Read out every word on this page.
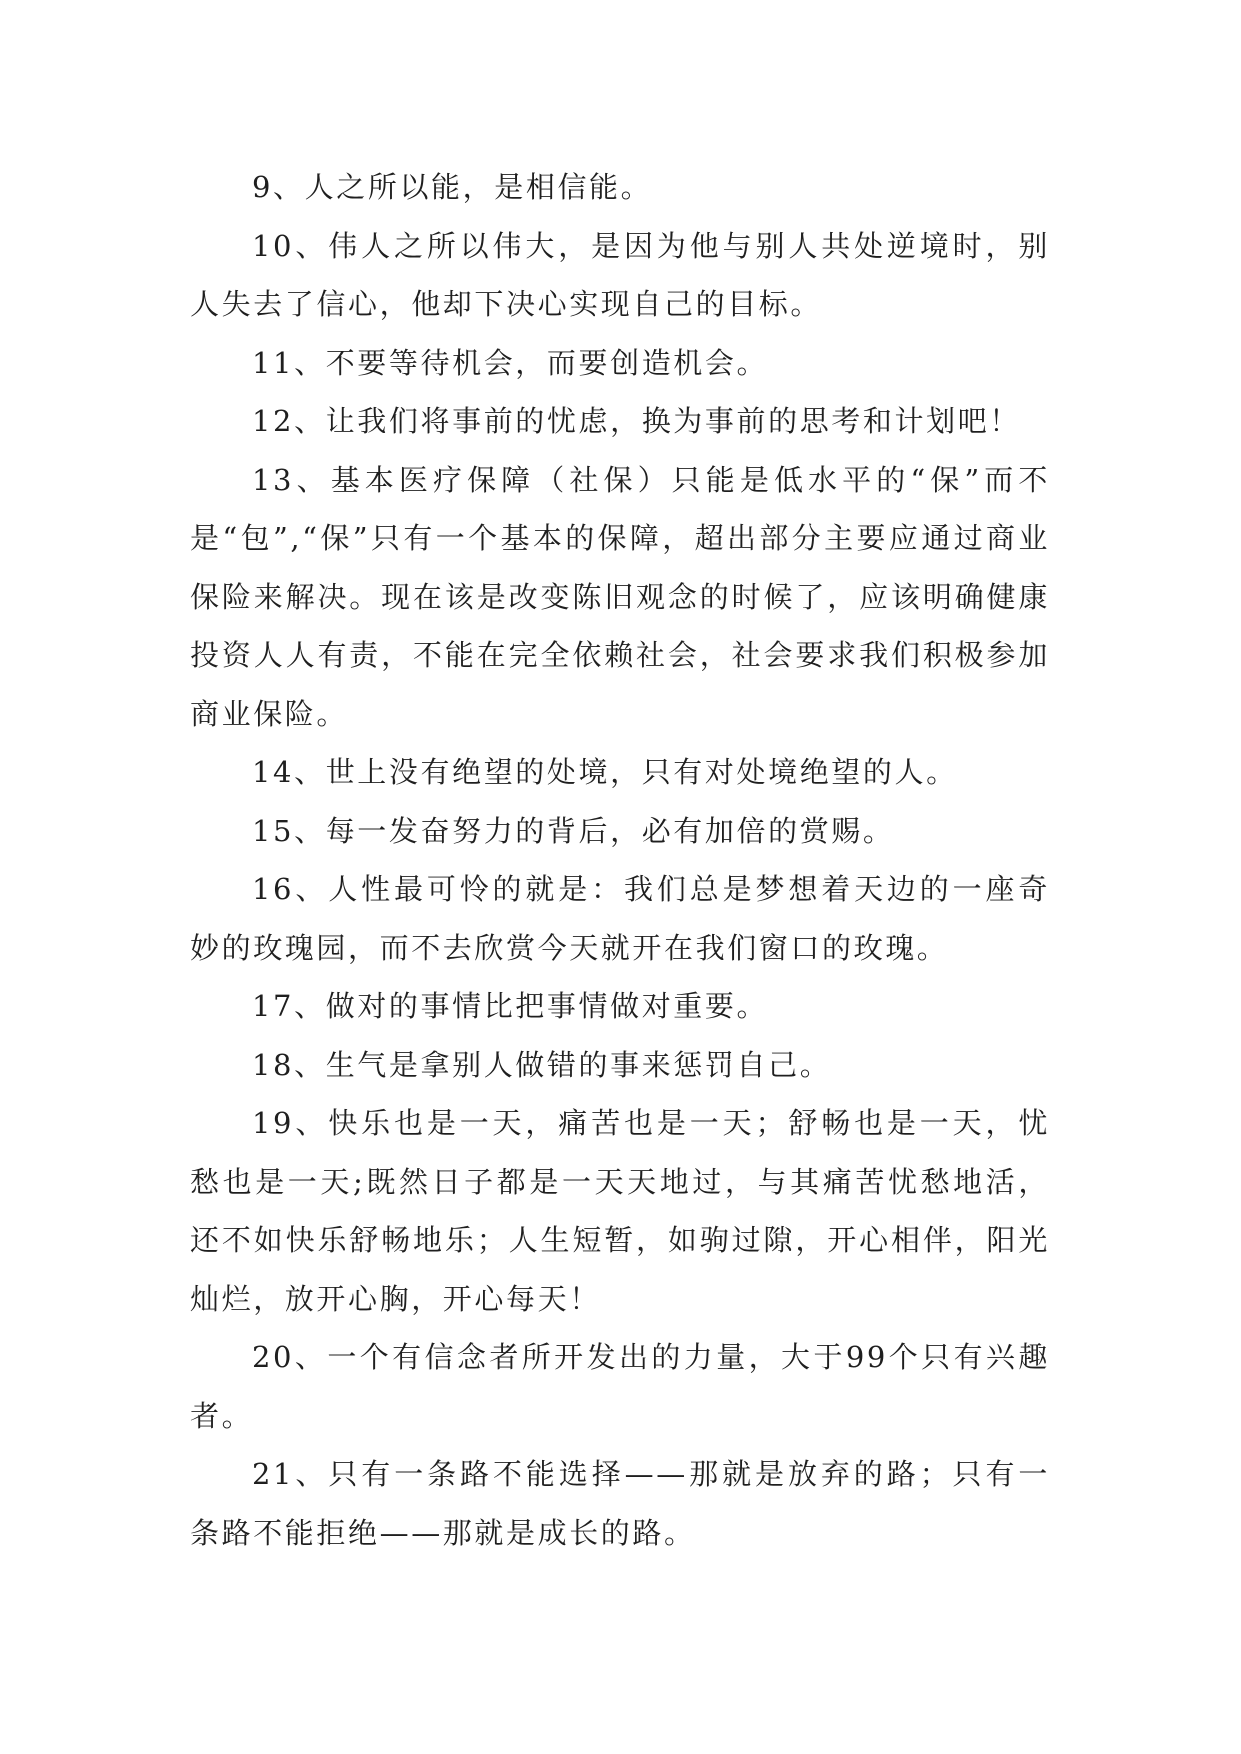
9、人之所以能，是相信能。

10、伟人之所以伟大，是因为他与别人共处逆境时，别人失去了信心，他却下决心实现自己的目标。

11、不要等待机会，而要创造机会。

12、让我们将事前的忧虑，换为事前的思考和计划吧！

13、基本医疗保障（社保）只能是低水平的“保”而不是“包”,“保”只有一个基本的保障，超出部分主要应通过商业保险来解决。现在该是改变陈旧观念的时候了，应该明确健康投资人人有责，不能在完全依赖社会，社会要求我们积极参加商业保险。

14、世上没有绝望的处境，只有对处境绝望的人。

15、每一发奋努力的背后，必有加倍的赏赐。

16、人性最可怜的就是：我们总是梦想着天边的一座奇妙的玫瑰园，而不去欣赏今天就开在我们窗口的玫瑰。

17、做对的事情比把事情做对重要。

18、生气是拿别人做错的事来惩罚自己。

19、快乐也是一天，痛苦也是一天；舒畅也是一天，忧愁也是一天;既然日子都是一天天地过，与其痛苦忧愁地活，还不如快乐舒畅地乐；人生短暂，如驹过隙，开心相伴，阳光灿烂，放开心胸，开心每天！

20、一个有信念者所开发出的力量，大于99个只有兴趣者。

21、只有一条路不能选择——那就是放弃的路；只有一条路不能拒绝——那就是成长的路。
